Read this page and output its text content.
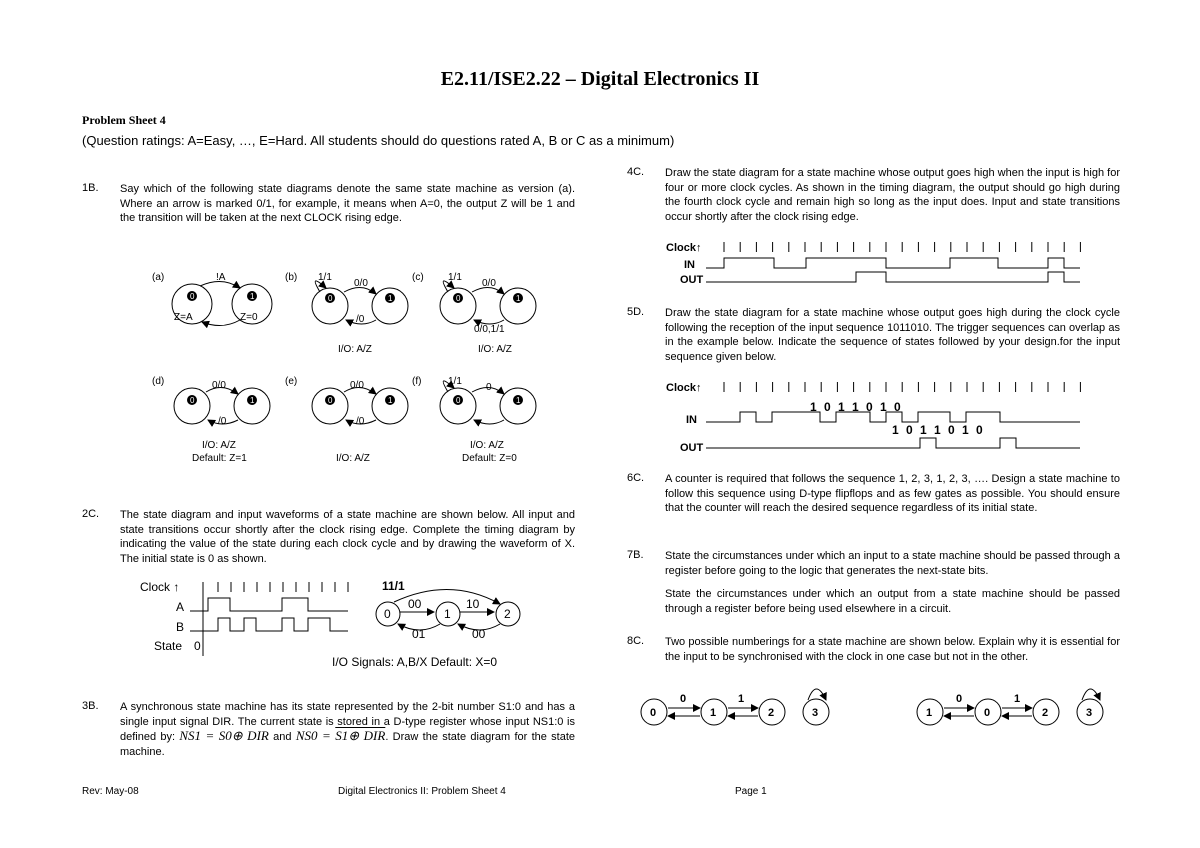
E2.11/ISE2.22 – Digital Electronics II
Problem Sheet 4
(Question ratings: A=Easy, …, E=Hard. All students should do questions rated A, B or C as a minimum)
1B. Say which of the following state diagrams denote the same state machine as version (a). Where an arrow is marked 0/1, for example, it means when A=0, the output Z will be 1 and the transition will be taken at the next CLOCK rising edge.
(a)
0	1
Z=A	Z=0
!A	(b)
0	1
1/1
0/0
/0
I/O: A/Z
(c)
0	1
1/1
0/0
0/0,1/1
I/O: A/Z
(d)
0	1
0/0
/0
I/O: A/Z
Default: Z=1
(e)
0	1
0/0
/0
I/O: A/Z
(f)
0	1
1/1
0
I/O: A/Z
Default: Z=0
2C. The state diagram and input waveforms of a state machine are shown below. All input and state transitions occur shortly after the clock rising edge. Complete the timing diagram by indicating the value of the state during each clock cycle and by drawing the waveform of X. The initial state is 0 as shown.
Clock ↑
A
B
State 0
0	1	2
11/1
00	10
01	00
I/O Signals: A,B/X Default: X=0
3B. A synchronous state machine has its state represented by the 2-bit number S1:0 and has a single input signal DIR. The current state is stored in a D-type register whose input NS1:0 is defined by: NS1 = S0⊕ DIR and NS0 = S1⊕ DIR. Draw the state diagram for the state machine.
4C. Draw the state diagram for a state machine whose output goes high when the input is high for four or more clock cycles. As shown in the timing diagram, the output should go high during the fourth clock cycle and remain high so long as the input does. Input and state transitions occur shortly after the clock rising edge.
Clock↑
IN
OUT
5D. Draw the state diagram for a state machine whose output goes high during the clock cycle following the reception of the input sequence 1011010. The trigger sequences can overlap as in the example below. Indicate the sequence of states followed by your design.for the input sequence given below.
Clock↑
IN
OUT
1 0 1 1 0 1 0
1 0 1 1 0 1 0
6C. A counter is required that follows the sequence 1, 2, 3, 1, 2, 3, …. Design a state machine to follow this sequence using D-type flipflops and as few gates as possible. You should ensure that the counter will reach the desired sequence regardless of its initial state.
7B. State the circumstances under which an input to a state machine should be passed through a register before going to the logic that generates the next-state bits.
State the circumstances under which an output from a state machine should be passed through a register before being used elsewhere in a circuit.
8C. Two possible numberings for a state machine are shown below. Explain why it is essential for the input to be synchronised with the clock in one case but not in the other.
0	1	2	3
0	1
1	0	2	3
0	1
Rev: May-08	Digital Electronics II: Problem Sheet 4	Page 1
